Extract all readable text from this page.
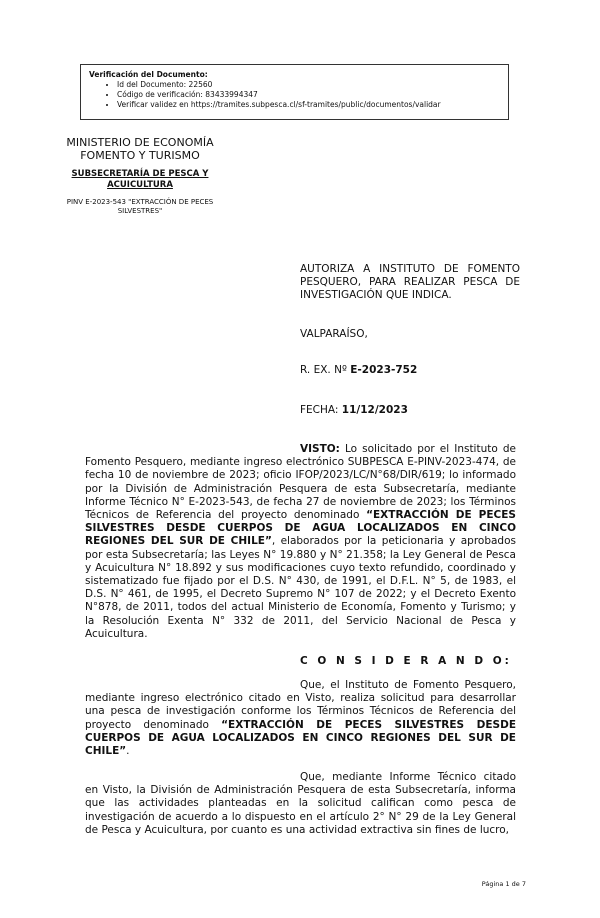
Verificación del Documento:
• Id del Documento: 22560
• Código de verificación: 83433994347
• Verificar validez en https://tramites.subpesca.cl/sf-tramites/public/documentos/validar
MINISTERIO DE ECONOMÍA
FOMENTO Y TURISMO
SUBSECRETARÍA DE PESCA Y
ACUICULTURA
PINV E-2023-543 "EXTRACCIÓN DE PECES
SILVESTRES"
AUTORIZA A INSTITUTO DE FOMENTO PESQUERO, PARA REALIZAR PESCA DE INVESTIGACIÓN QUE INDICA.
VALPARAÍSO,
R. EX. Nº E-2023-752
FECHA: 11/12/2023

VISTO: Lo solicitado por el Instituto de Fomento Pesquero, mediante ingreso electrónico SUBPESCA E-PINV-2023-474, de fecha 10 de noviembre de 2023; oficio IFOP/2023/LC/N°68/DIR/619; lo informado por la División de Administración Pesquera de esta Subsecretaría, mediante Informe Técnico N° E-2023-543, de fecha 27 de noviembre de 2023; los Términos Técnicos de Referencia del proyecto denominado “EXTRACCIÓN DE PECES SILVESTRES DESDE CUERPOS DE AGUA LOCALIZADOS EN CINCO REGIONES DEL SUR DE CHILE”, elaborados por la peticionaria y aprobados por esta Subsecretaría; las Leyes N° 19.880 y N° 21.358; la Ley General de Pesca y Acuicultura N° 18.892 y sus modificaciones cuyo texto refundido, coordinado y sistematizado fue fijado por el D.S. N° 430, de 1991, el D.F.L. N° 5, de 1983, el D.S. N° 461, de 1995, el Decreto Supremo N° 107 de 2022; y el Decreto Exento N°878, de 2011, todos del actual Ministerio de Economía, Fomento y Turismo; y la Resolución Exenta N° 332 de 2011, del Servicio Nacional de Pesca y Acuicultura.

C O N S I D E R A N D O:

Que, el Instituto de Fomento Pesquero, mediante ingreso electrónico citado en Visto, realiza solicitud para desarrollar una pesca de investigación conforme los Términos Técnicos de Referencia del proyecto denominado “EXTRACCIÓN DE PECES SILVESTRES DESDE CUERPOS DE AGUA LOCALIZADOS EN CINCO REGIONES DEL SUR DE CHILE”.

Que, mediante Informe Técnico citado en Visto, la División de Administración Pesquera de esta Subsecretaría, informa que las actividades planteadas en la solicitud califican como pesca de investigación de acuerdo a lo dispuesto en el artículo 2° N° 29 de la Ley General de Pesca y Acuicultura, por cuanto es una actividad extractiva sin fines de lucro,

Página 1 de 7
